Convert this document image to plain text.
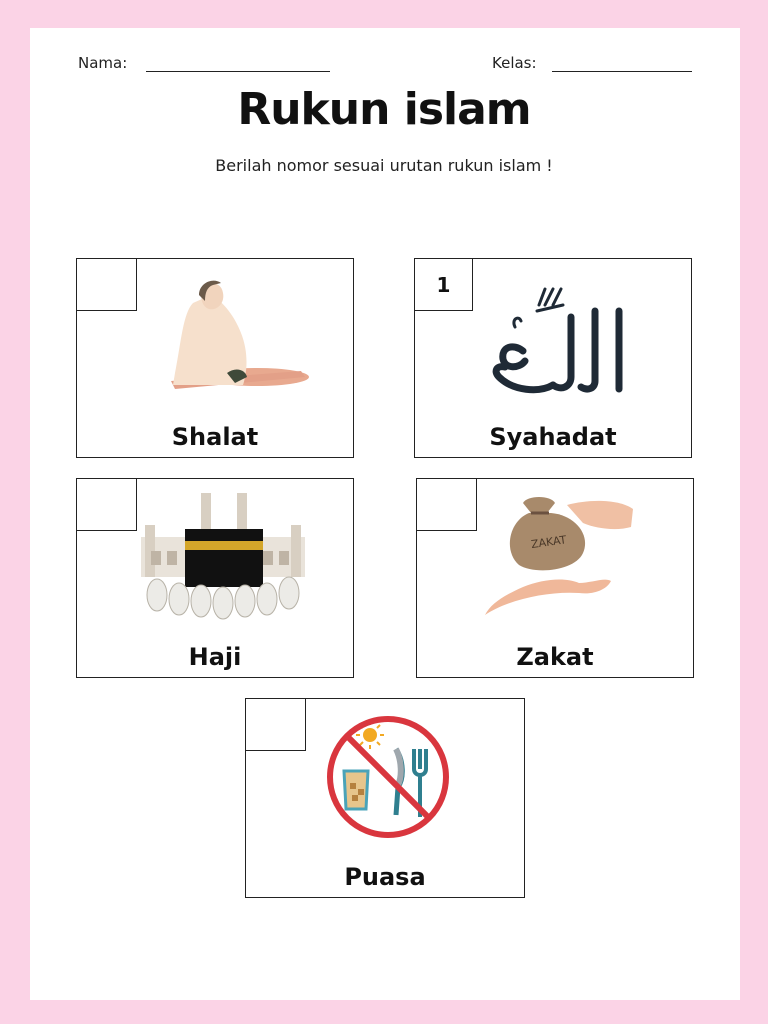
Nama:	Kelas:
Rukun islam
Berilah nomor sesuai urutan rukun islam !
Shalat
1
Syahadat
Haji
ZAKAT
Zakat
Puasa
